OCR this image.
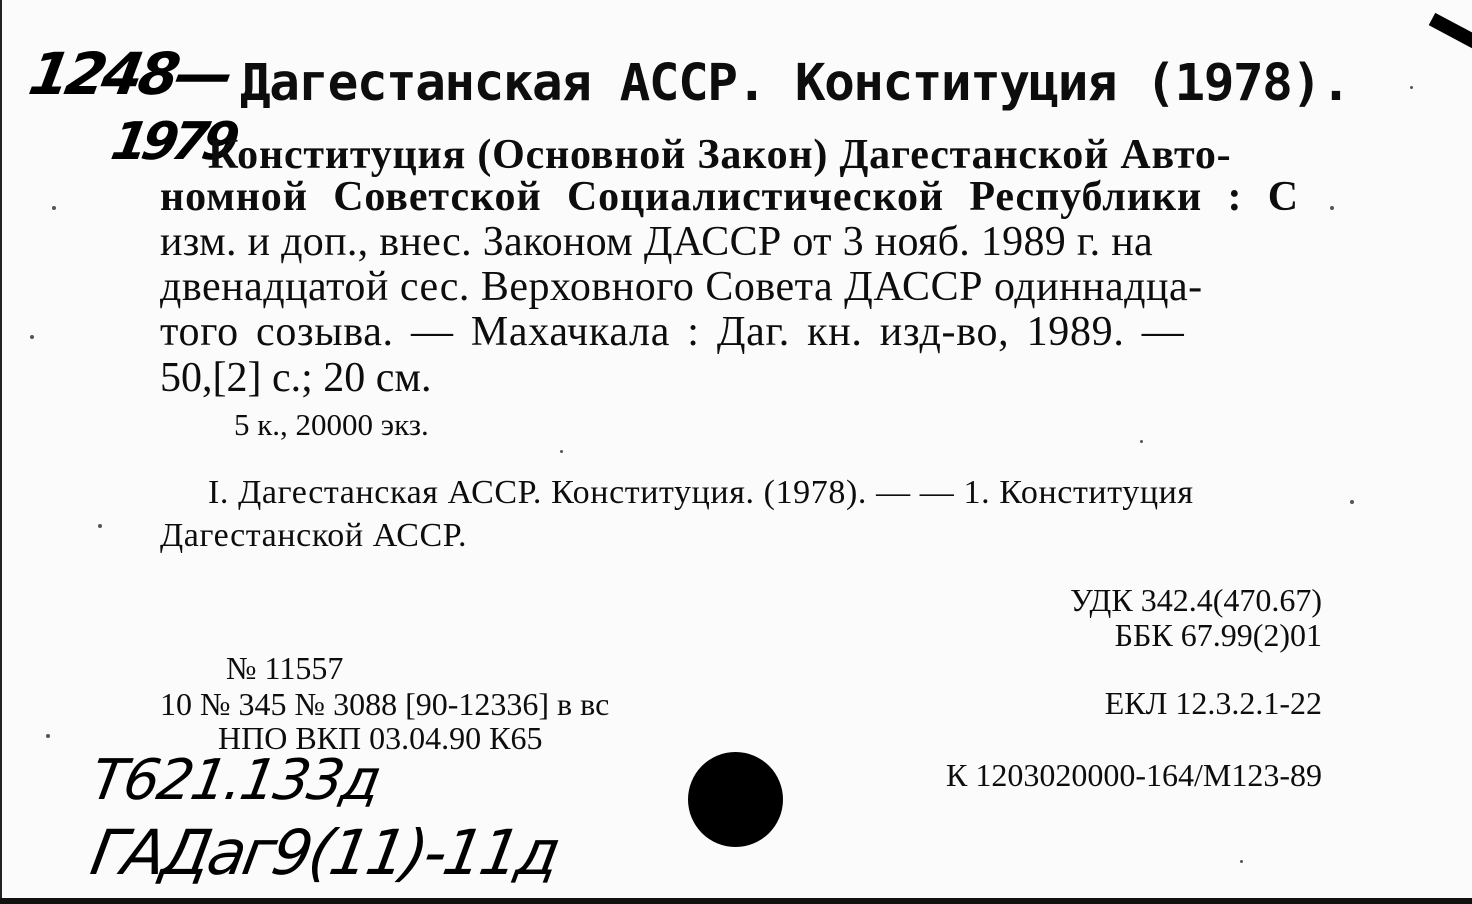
1248—
1979
Дагестанская АССР. Конституция (1978).
Конституция (Основной Закон) Дагестанской Авто-
номной Советской Социалистической Республики : С
изм. и доп., внес. Законом ДАССР от 3 нояб. 1989 г. на
двенадцатой сес. Верховного Совета ДАССР одиннадца-
того созыва. — Махачкала : Даг. кн. изд-во, 1989. —
50,[2] с.; 20 см.
5 к., 20000 экз.
I. Дагестанская АССР. Конституция. (1978). — — 1. Конституция
Дагестанской АССР.
УДК 342.4(470.67)
ББК 67.99(2)01
ЕКЛ 12.3.2.1-22
К 1203020000-164/М123-89
№ 11557
10 № 345 № 3088 [90-12336] в вс
НПО ВКП 03.04.90 К65
Т621.133д
ГАДаг9(11)-11д
